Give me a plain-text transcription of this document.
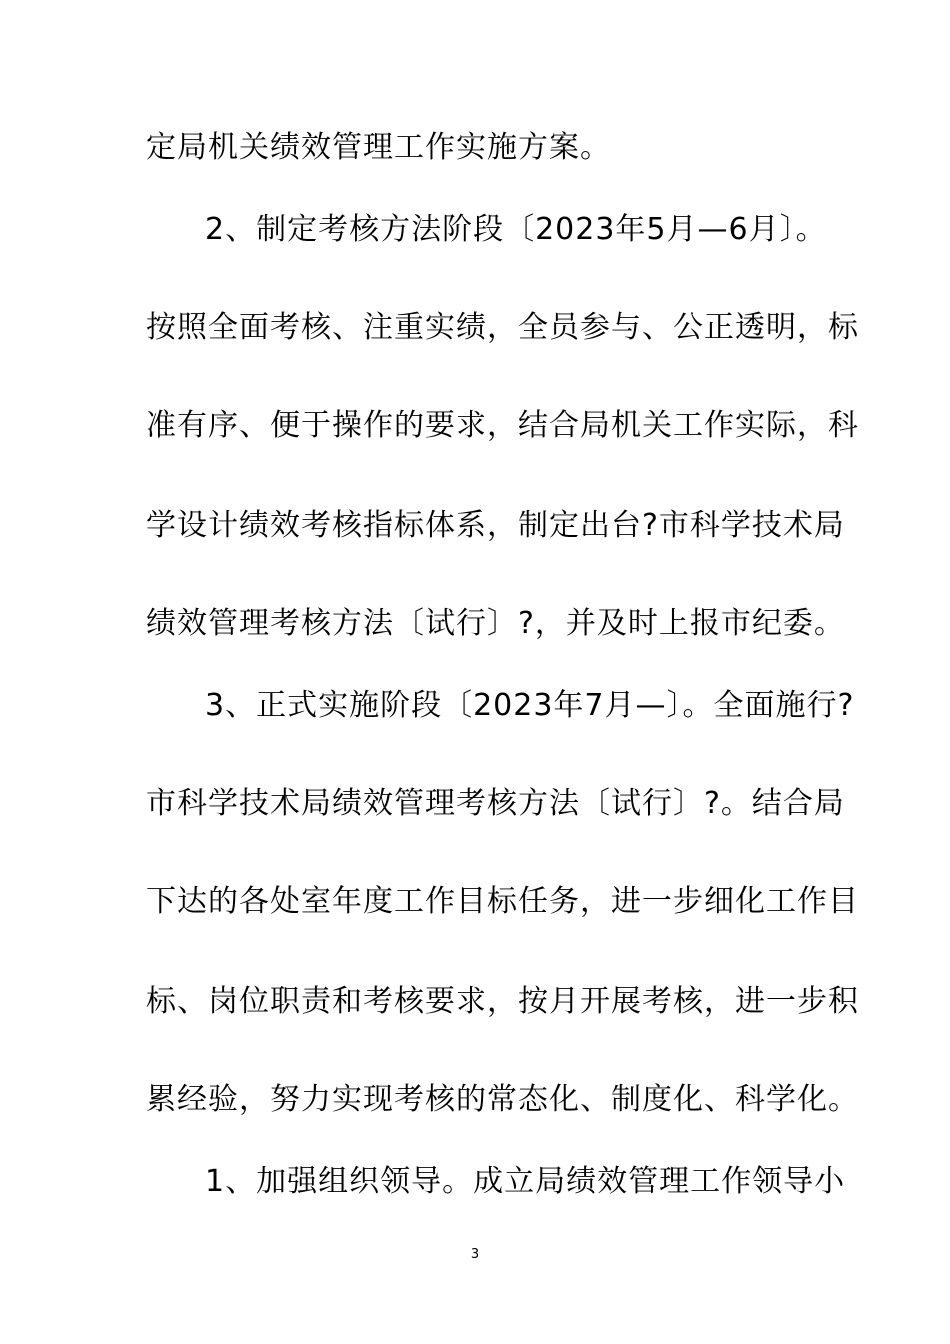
定局机关绩效管理工作实施方案。
2、制定考核方法阶段〔2023年5月—6月〕。
按照全面考核、注重实绩，全员参与、公正透明，标
准有序、便于操作的要求，结合局机关工作实际，科
学设计绩效考核指标体系，制定出台?市科学技术局
绩效管理考核方法〔试行〕?，并及时上报市纪委。
3、正式实施阶段〔2023年7月—〕。全面施行?
市科学技术局绩效管理考核方法〔试行〕?。结合局
下达的各处室年度工作目标任务，进一步细化工作目
标、岗位职责和考核要求，按月开展考核，进一步积
累经验，努力实现考核的常态化、制度化、科学化。
1、加强组织领导。成立局绩效管理工作领导小
3
